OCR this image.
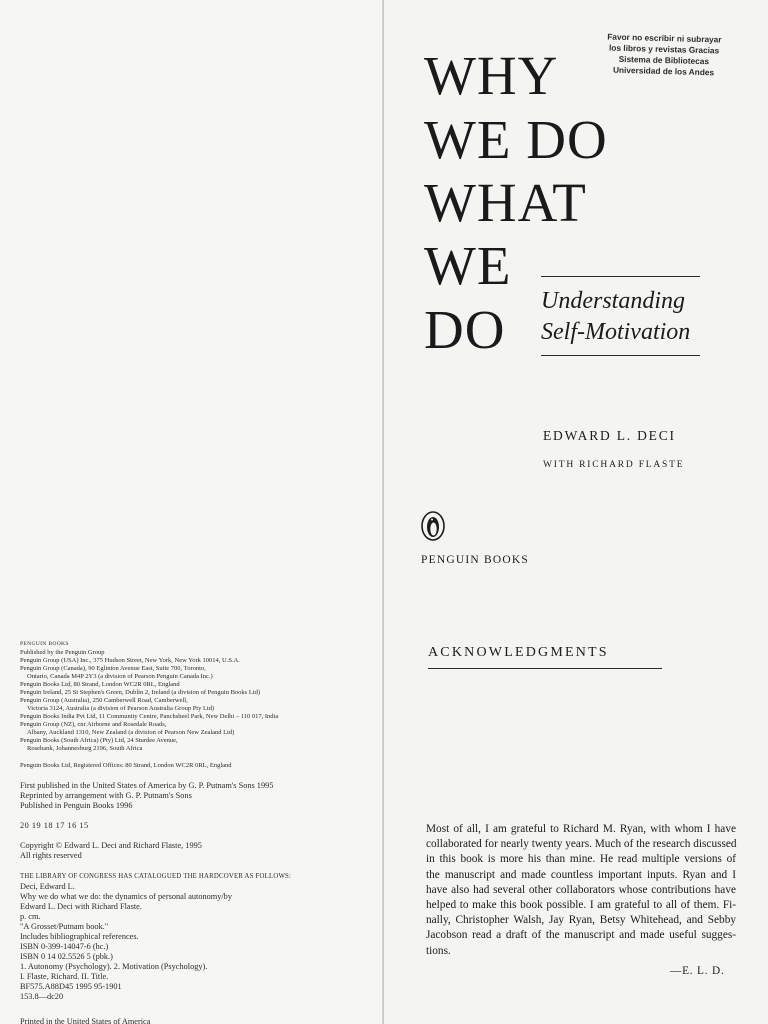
PENGUIN BOOKS

Published by the Penguin Group

Penguin Group (USA) Inc., 375 Hudson Street, New York, New York 10014, U.S.A.

Penguin Group (Canada), 90 Eglinton Avenue East, Suite 700, Toronto,

Ontario, Canada M4P 2Y3 (a division of Pearson Penguin Canada Inc.)

Penguin Books Ltd, 80 Strand, London WC2R 0RL, England

Penguin Ireland, 25 St Stephen's Green, Dublin 2, Ireland (a division of Penguin Books Ltd)

Penguin Group (Australia), 250 Camberwell Road, Camberwell,

Victoria 3124, Australia (a division of Pearson Australia Group Pty Ltd)

Penguin Books India Pvt Ltd, 11 Community Centre, Panchsheel Park, New Delhi – 110 017, India

Penguin Group (NZ), cnr Airborne and Rosedale Roads,

Albany, Auckland 1310, New Zealand (a division of Pearson New Zealand Ltd)

Penguin Books (South Africa) (Pty) Ltd, 24 Sturdee Avenue,

Rosebank, Johannesburg 2196, South Africa

Penguin Books Ltd, Registered Offices: 80 Strand, London WC2R 0RL, England

First published in the United States of America by G. P. Putnam's Sons 1995
Reprinted by arrangement with G. P. Putnam's Sons
Published in Penguin Books 1996
20 19 18 17 16 15
Copyright © Edward L. Deci and Richard Flaste, 1995
All rights reserved
THE LIBRARY OF CONGRESS HAS CATALOGUED THE HARDCOVER AS FOLLOWS:
Deci, Edward L.
Why we do what we do: the dynamics of personal autonomy/by
Edward L. Deci with Richard Flaste.
p. cm.
"A Grosset/Putnam book."
Includes bibliographical references.
ISBN 0-399-14047-6 (hc.)
ISBN 0 14 02.5526 5 (pbk.)
1. Autonomy (Psychology). 2. Motivation (Psychology).
I. Flaste, Richard. II. Title.
BF575.A88D45 1995 95-1901
153.8—dc20
Printed in the United States of America
Favor no escribir ni subrayar
los libros y revistas Gracias
Sistema de Bibliotecas
Universidad de los Andes
WHY
WE DO
WHAT
WE
DO Understanding
Self-Motivation
EDWARD L. DECI
WITH RICHARD FLASTE
PENGUIN BOOKS
ACKNOWLEDGMENTS
Most of all, I am grateful to Richard M. Ryan, with whom I have
collaborated for nearly twenty years. Much of the research discussed
in this book is more his than mine. He read multiple versions of
the manuscript and made countless important inputs. Ryan and I
have also had several other collaborators whose contributions have
helped to make this book possible. I am grateful to all of them. Fi-
nally, Christopher Walsh, Jay Ryan, Betsy Whitehead, and Sebby
Jacobson read a draft of the manuscript and made useful sugges-
tions.
—E. L. D.
